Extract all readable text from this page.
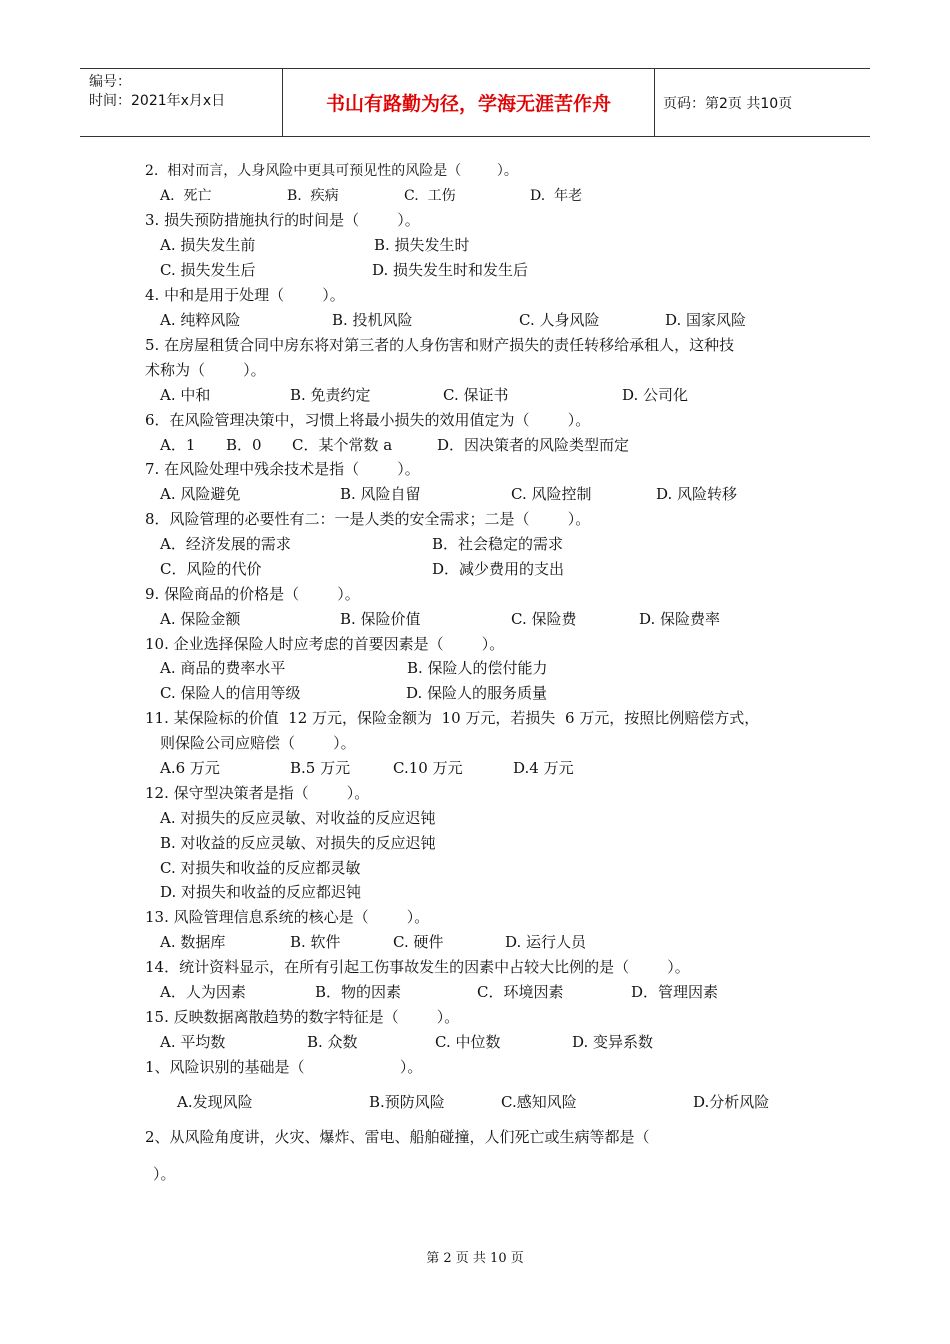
编号：
时间：2021年x月x日	书山有路勤为径，学海无涯苦作舟	页码：第2页 共10页
2.  相对而言，人身风险中更具可预见性的风险是（        ）。
A.  死亡	B.  疾病	C.  工伤	D.  年老
3. 损失预防措施执行的时间是（        ）。
A. 损失发生前	B. 损失发生时
C. 损失发生后	D. 损失发生时和发生后
4. 中和是用于处理（        ）。
A. 纯粹风险	B. 投机风险	C. 人身风险	D. 国家风险
5. 在房屋租赁合同中房东将对第三者的人身伤害和财产损失的责任转移给承租人，这种技
术称为（        ）。
A. 中和	B. 免责约定	C. 保证书	D. 公司化
6．在风险管理决策中，习惯上将最小损失的效用值定为（        ）。
A．1 B．0 C．某个常数 a	D．因决策者的风险类型而定
7. 在风险处理中残余技术是指（        ）。
A. 风险避免	B. 风险自留	C. 风险控制	D. 风险转移
8．风险管理的必要性有二：一是人类的安全需求；二是（        ）。
A．经济发展的需求	B．社会稳定的需求
C．风险的代价	D．减少费用的支出
9. 保险商品的价格是（        ）。
A. 保险金额	B. 保险价值	C. 保险费	D. 保险费率
10. 企业选择保险人时应考虑的首要因素是（        ）。
A. 商品的费率水平	B. 保险人的偿付能力
C. 保险人的信用等级	D. 保险人的服务质量
11. 某保险标的价值  12 万元，保险金额为  10 万元，若损失  6 万元，按照比例赔偿方式，
则保险公司应赔偿（        ）。
A.6 万元	B.5 万元	C.10 万元	D.4 万元
12. 保守型决策者是指（        ）。
A. 对损失的反应灵敏、对收益的反应迟钝
B. 对收益的反应灵敏、对损失的反应迟钝
C. 对损失和收益的反应都灵敏
D. 对损失和收益的反应都迟钝
13. 风险管理信息系统的核心是（        ）。
A. 数据库	B. 软件	C. 硬件	D. 运行人员
14．统计资料显示，在所有引起工伤事故发生的因素中占较大比例的是（        ）。
A．人为因素	B．物的因素	C．环境因素	D．管理因素
15. 反映数据离散趋势的数字特征是（        ）。
A. 平均数	B. 众数	C. 中位数	D. 变异系数
1、风险识别的基础是（                    ）。
A.发现风险	B.预防风险	C.感知风险	D.分析风险
2、从风险角度讲，火灾、爆炸、雷电、船舶碰撞，人们死亡或生病等都是（
）。
第 2 页 共 10 页
